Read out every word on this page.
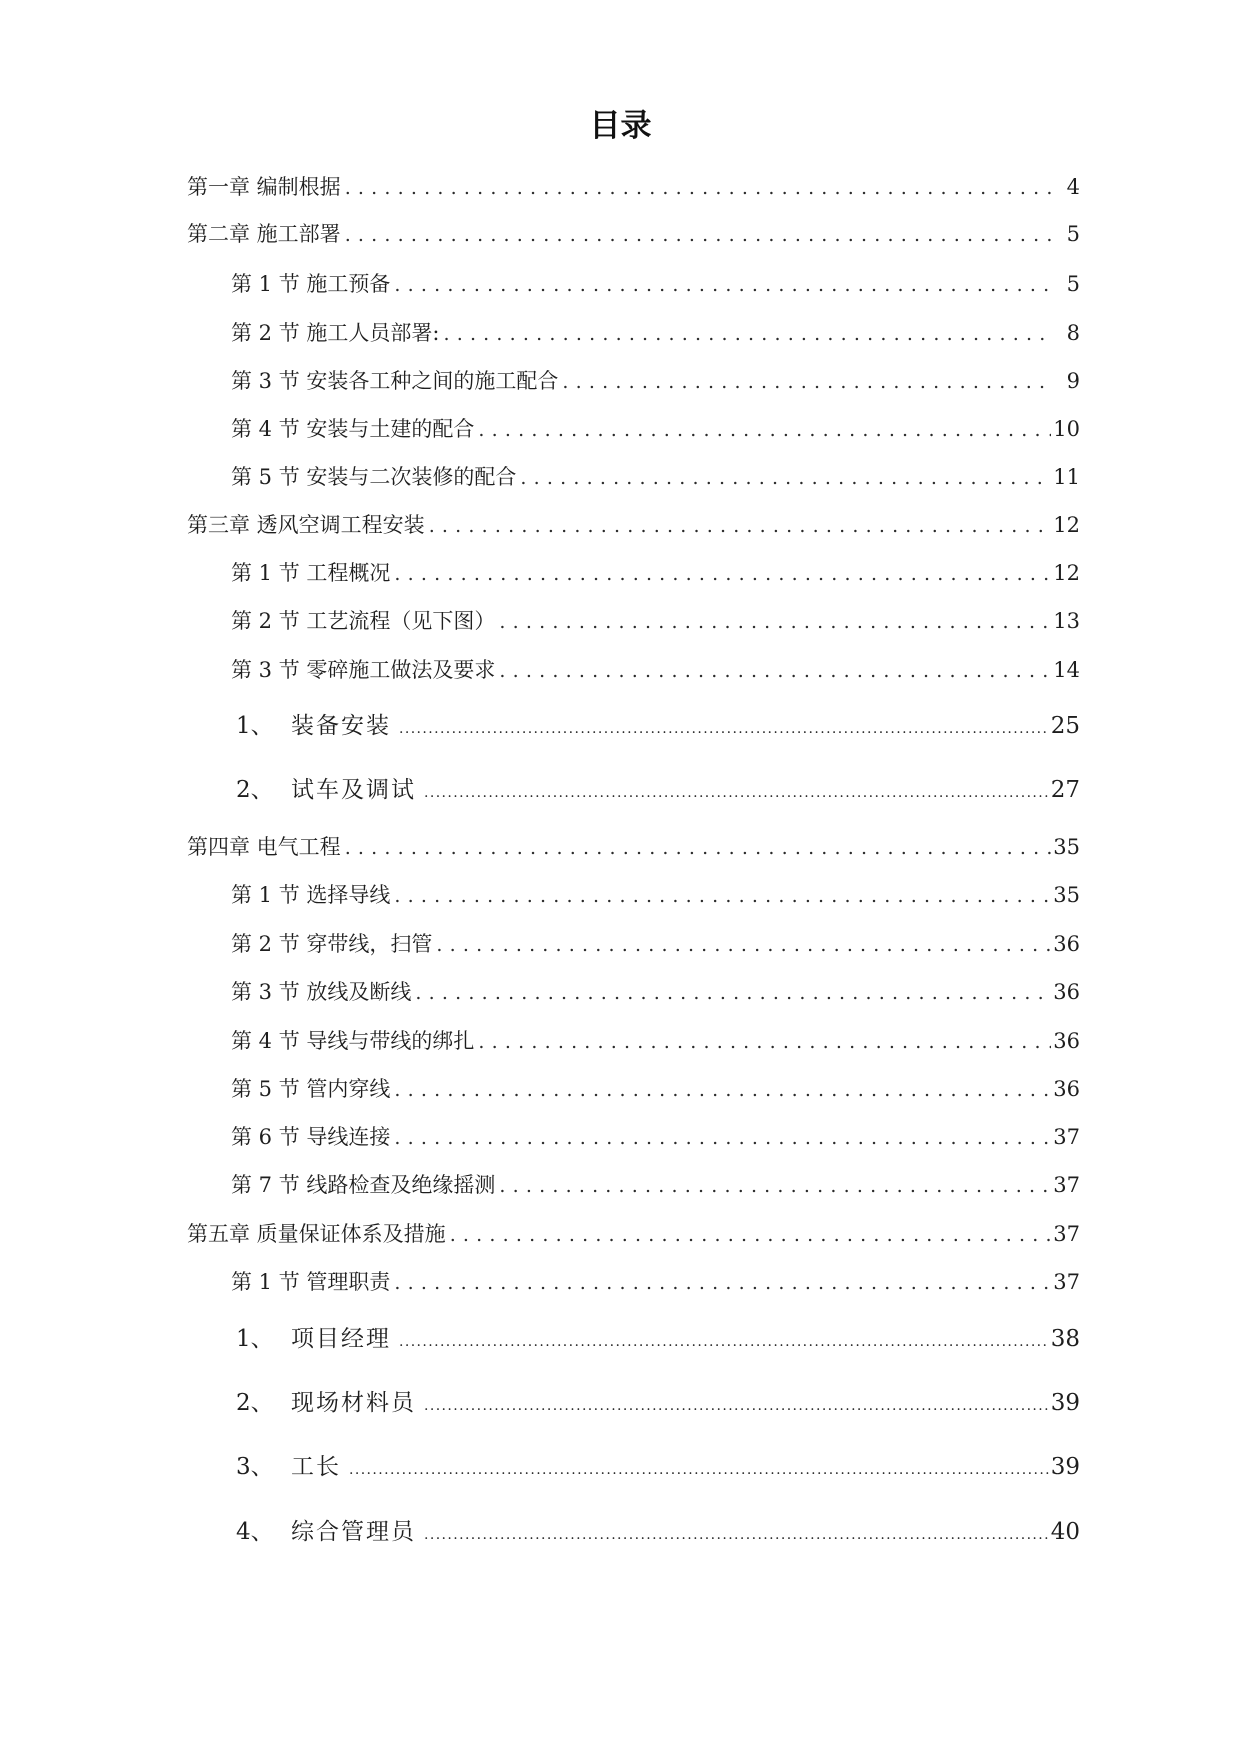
目录
第一章 编制根据 .....	4
第二章 施工部署 .....	5
第 1 节 施工预备 .....	5
第 2 节 施工人员部署: .....	8
第 3 节 安装各工种之间的施工配合 .....	9
第 4 节 安装与土建的配合 .....	10
第 5 节 安装与二次装修的配合 .....	11
第三章 透风空调工程安装 .....	12
第 1 节 工程概况 .....	12
第 2 节 工艺流程（见下图） .....	13
第 3 节 零碎施工做法及要求 .....	14
1、 装备安装 .....	25
2、 试车及调试 .....	27
第四章 电气工程 .....	35
第 1 节 选择导线 .....	35
第 2 节 穿带线，扫管 .....	36
第 3 节 放线及断线 .....	36
第 4 节 导线与带线的绑扎 .....	36
第 5 节 管内穿线 .....	36
第 6 节 导线连接 .....	37
第 7 节 线路检查及绝缘摇测 .....	37
第五章 质量保证体系及措施 .....	37
第 1 节 管理职责 .....	37
1、 项目经理 .....	38
2、 现场材料员 .....	39
3、 工长 .....	39
4、 综合管理员 .....	40
